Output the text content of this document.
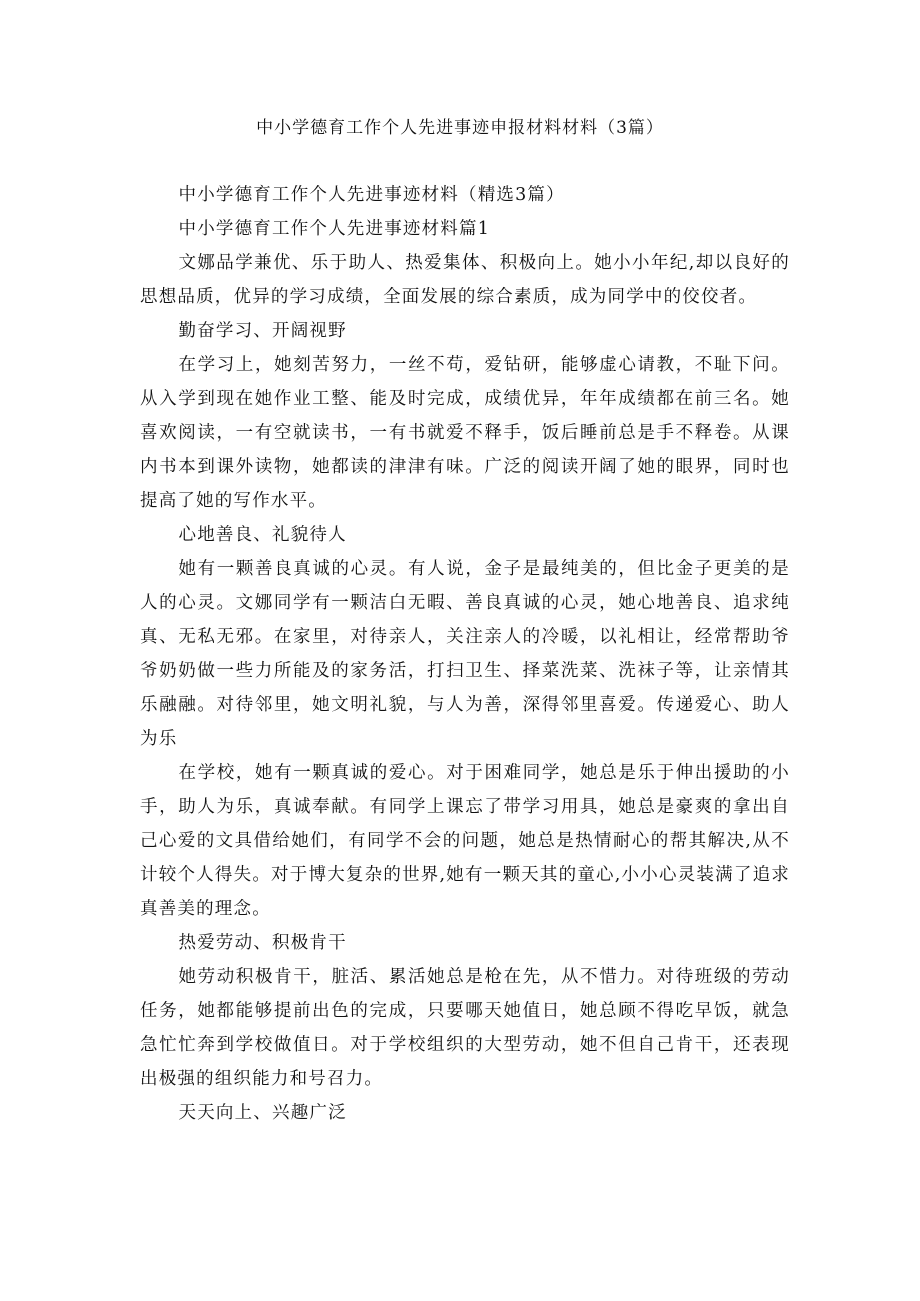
中小学德育工作个人先进事迹申报材料材料（3篇）

中小学德育工作个人先进事迹材料（精选3篇）

中小学德育工作个人先进事迹材料篇1

文娜品学兼优、乐于助人、热爱集体、积极向上。她小小年纪,却以良好的思想品质，优异的学习成绩，全面发展的综合素质，成为同学中的佼佼者。

勤奋学习、开阔视野

在学习上，她刻苦努力，一丝不苟，爱钻研，能够虚心请教，不耻下问。从入学到现在她作业工整、能及时完成，成绩优异，年年成绩都在前三名。她喜欢阅读，一有空就读书，一有书就爱不释手，饭后睡前总是手不释卷。从课内书本到课外读物，她都读的津津有味。广泛的阅读开阔了她的眼界，同时也提高了她的写作水平。

心地善良、礼貌待人

她有一颗善良真诚的心灵。有人说，金子是最纯美的，但比金子更美的是人的心灵。文娜同学有一颗洁白无暇、善良真诚的心灵，她心地善良、追求纯真、无私无邪。在家里，对待亲人，关注亲人的冷暖，以礼相让，经常帮助爷爷奶奶做一些力所能及的家务活，打扫卫生、择菜洗菜、洗袜子等，让亲情其乐融融。对待邻里，她文明礼貌，与人为善，深得邻里喜爱。传递爱心、助人为乐

在学校，她有一颗真诚的爱心。对于困难同学，她总是乐于伸出援助的小手，助人为乐，真诚奉献。有同学上课忘了带学习用具，她总是豪爽的拿出自己心爱的文具借给她们，有同学不会的问题，她总是热情耐心的帮其解决,从不计较个人得失。对于博大复杂的世界,她有一颗天其的童心,小小心灵装满了追求真善美的理念。

热爱劳动、积极肯干

她劳动积极肯干，脏活、累活她总是枪在先，从不惜力。对待班级的劳动任务，她都能够提前出色的完成，只要哪天她值日，她总顾不得吃早饭，就急急忙忙奔到学校做值日。对于学校组织的大型劳动，她不但自己肯干，还表现出极强的组织能力和号召力。

天天向上、兴趣广泛
